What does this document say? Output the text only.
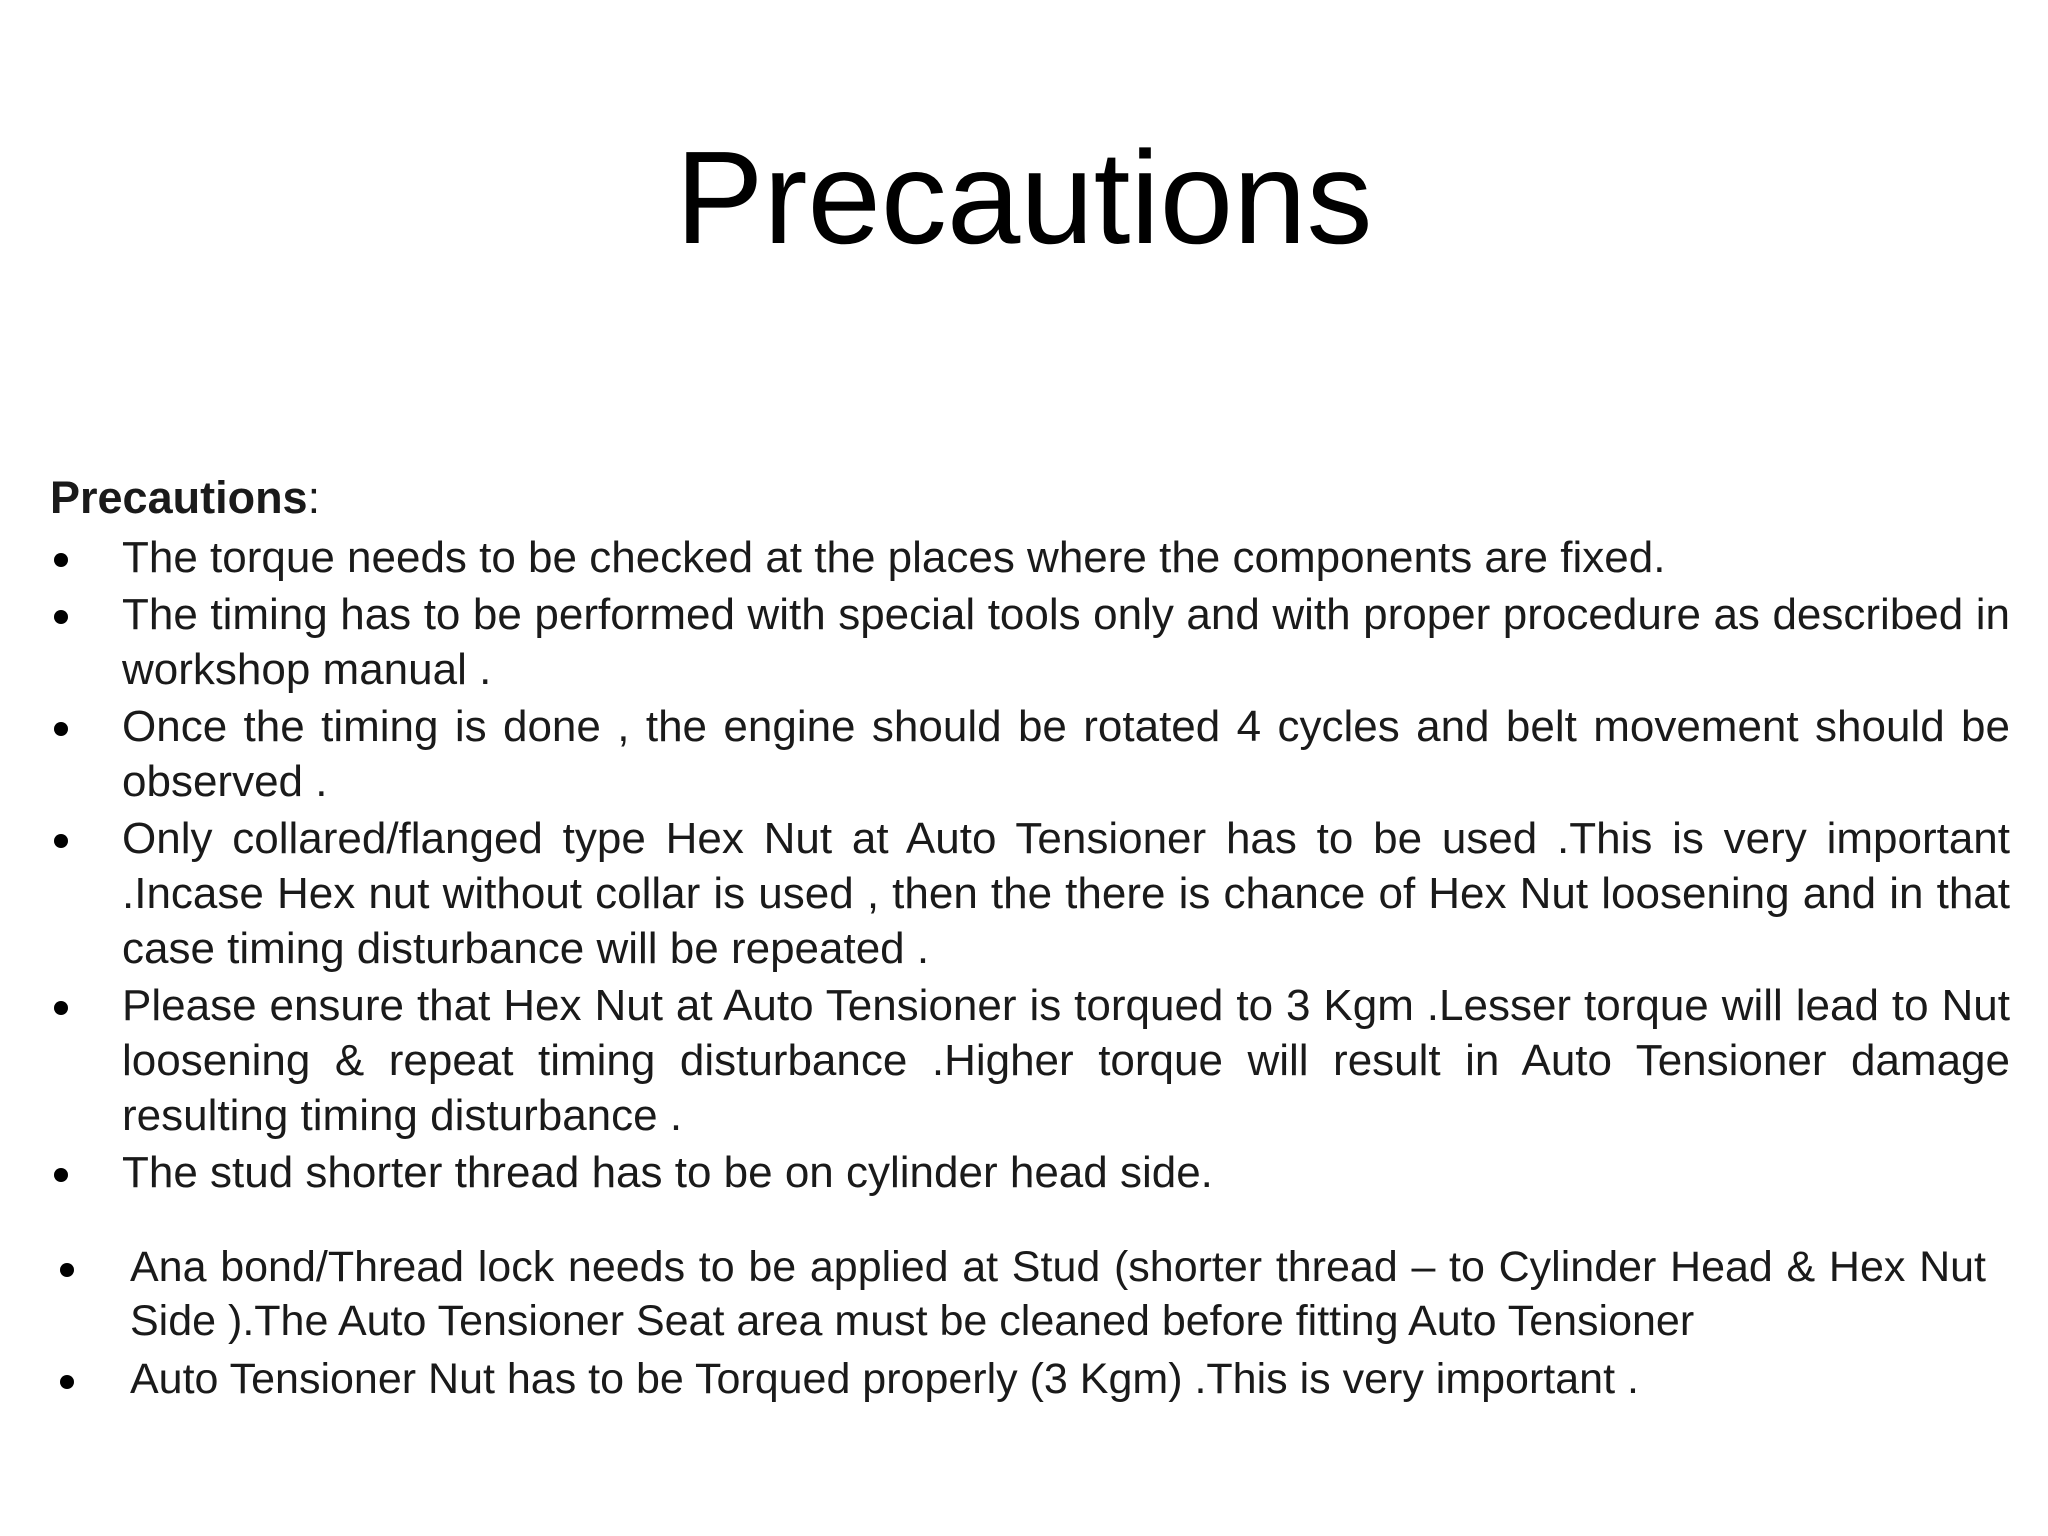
Precautions

Precautions:

The torque needs to be checked at the places where the components are fixed.
The timing has to be performed with special tools only and with proper procedure as described in workshop manual .
Once the timing is done , the engine should be rotated 4 cycles and belt movement should be observed .
Only collared/flanged type Hex Nut at Auto Tensioner has to be used .This is very important .Incase Hex nut without collar is used , then the there is chance of Hex Nut loosening and in that case timing disturbance will be repeated .
Please ensure that Hex Nut at Auto Tensioner is torqued to 3 Kgm .Lesser torque will lead to Nut loosening & repeat timing disturbance .Higher torque will result in Auto Tensioner damage resulting timing disturbance .
The stud shorter thread has to be on cylinder head side.
Ana bond/Thread lock needs to be applied at Stud (shorter thread – to Cylinder Head & Hex Nut Side ).The Auto Tensioner Seat area must be cleaned before fitting Auto Tensioner
Auto Tensioner Nut has to be Torqued properly (3 Kgm) .This is very important .
